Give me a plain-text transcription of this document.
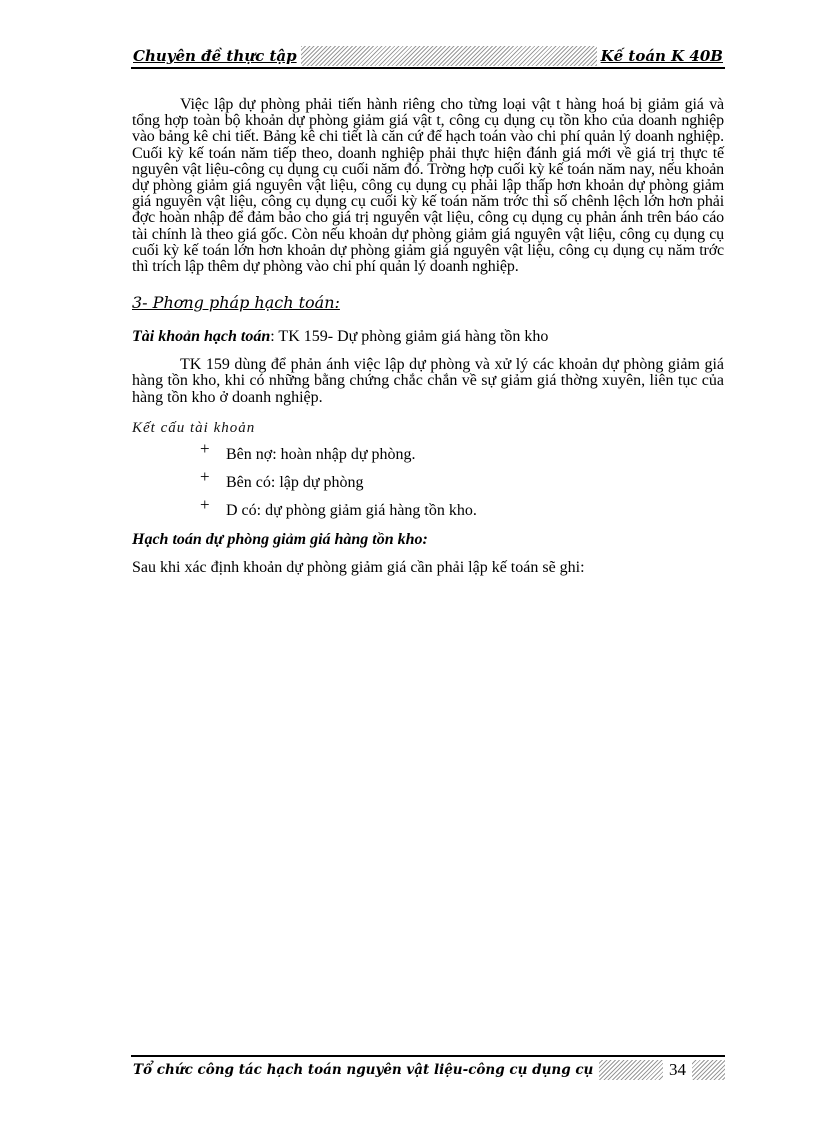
Chuyên đề thực tập	Kế toán K 40B

Việc lập dự phòng phải tiến hành riêng cho từng loại vật t hàng hoá bị giảm giá và tổng hợp toàn bộ khoản dự phòng giảm giá vật t, công cụ dụng cụ tồn kho của doanh nghiệp vào bảng kê chi tiết. Bảng kê chi tiết là căn cứ để hạch toán vào chi phí quản lý doanh nghiệp. Cuối kỳ kế toán năm tiếp theo, doanh nghiệp phải thực hiện đánh giá mới về giá trị thực tế nguyên vật liệu-công cụ dụng cụ cuối năm đó. Trờng hợp cuối kỳ kế toán năm nay, nếu khoản dự phòng giảm giá nguyên vật liệu, công cụ dụng cụ phải lập thấp hơn khoản dự phòng giảm giá nguyên vật liệu, công cụ dụng cụ cuối kỳ kế toán năm trớc thì số chênh lệch lớn hơn phải đợc hoàn nhập để đảm bảo cho giá trị nguyên vật liệu, công cụ dụng cụ phản ánh trên báo cáo tài chính là theo giá gốc. Còn nếu khoản dự phòng giảm giá nguyên vật liệu, công cụ dụng cụ cuối kỳ kế toán lớn hơn khoản dự phòng giảm giá nguyên vật liệu, công cụ dụng cụ năm trớc thì trích lập thêm dự phòng vào chi phí quản lý doanh nghiệp.

3- Phơng pháp hạch toán:

Tài khoản hạch toán: TK 159- Dự phòng giảm giá hàng tồn kho

TK 159 dùng để phản ánh việc lập dự phòng và xử lý các khoản dự phòng giảm giá hàng tồn kho, khi có những bằng chứng chắc chắn về sự giảm giá thờng xuyên, liên tục của hàng tồn kho ở doanh nghiệp.

Kết cấu tài khoản

+ Bên nợ: hoàn nhập dự phòng.
+ Bên có: lập dự phòng
+ D có: dự phòng giảm giá hàng tồn kho.

Hạch toán dự phòng giảm giá hàng tồn kho:

Sau khi xác định khoản dự phòng giảm giá cần phải lập kế toán sẽ ghi:

Tổ chức công tác hạch toán nguyên vật liệu-công cụ dụng cụ	34
